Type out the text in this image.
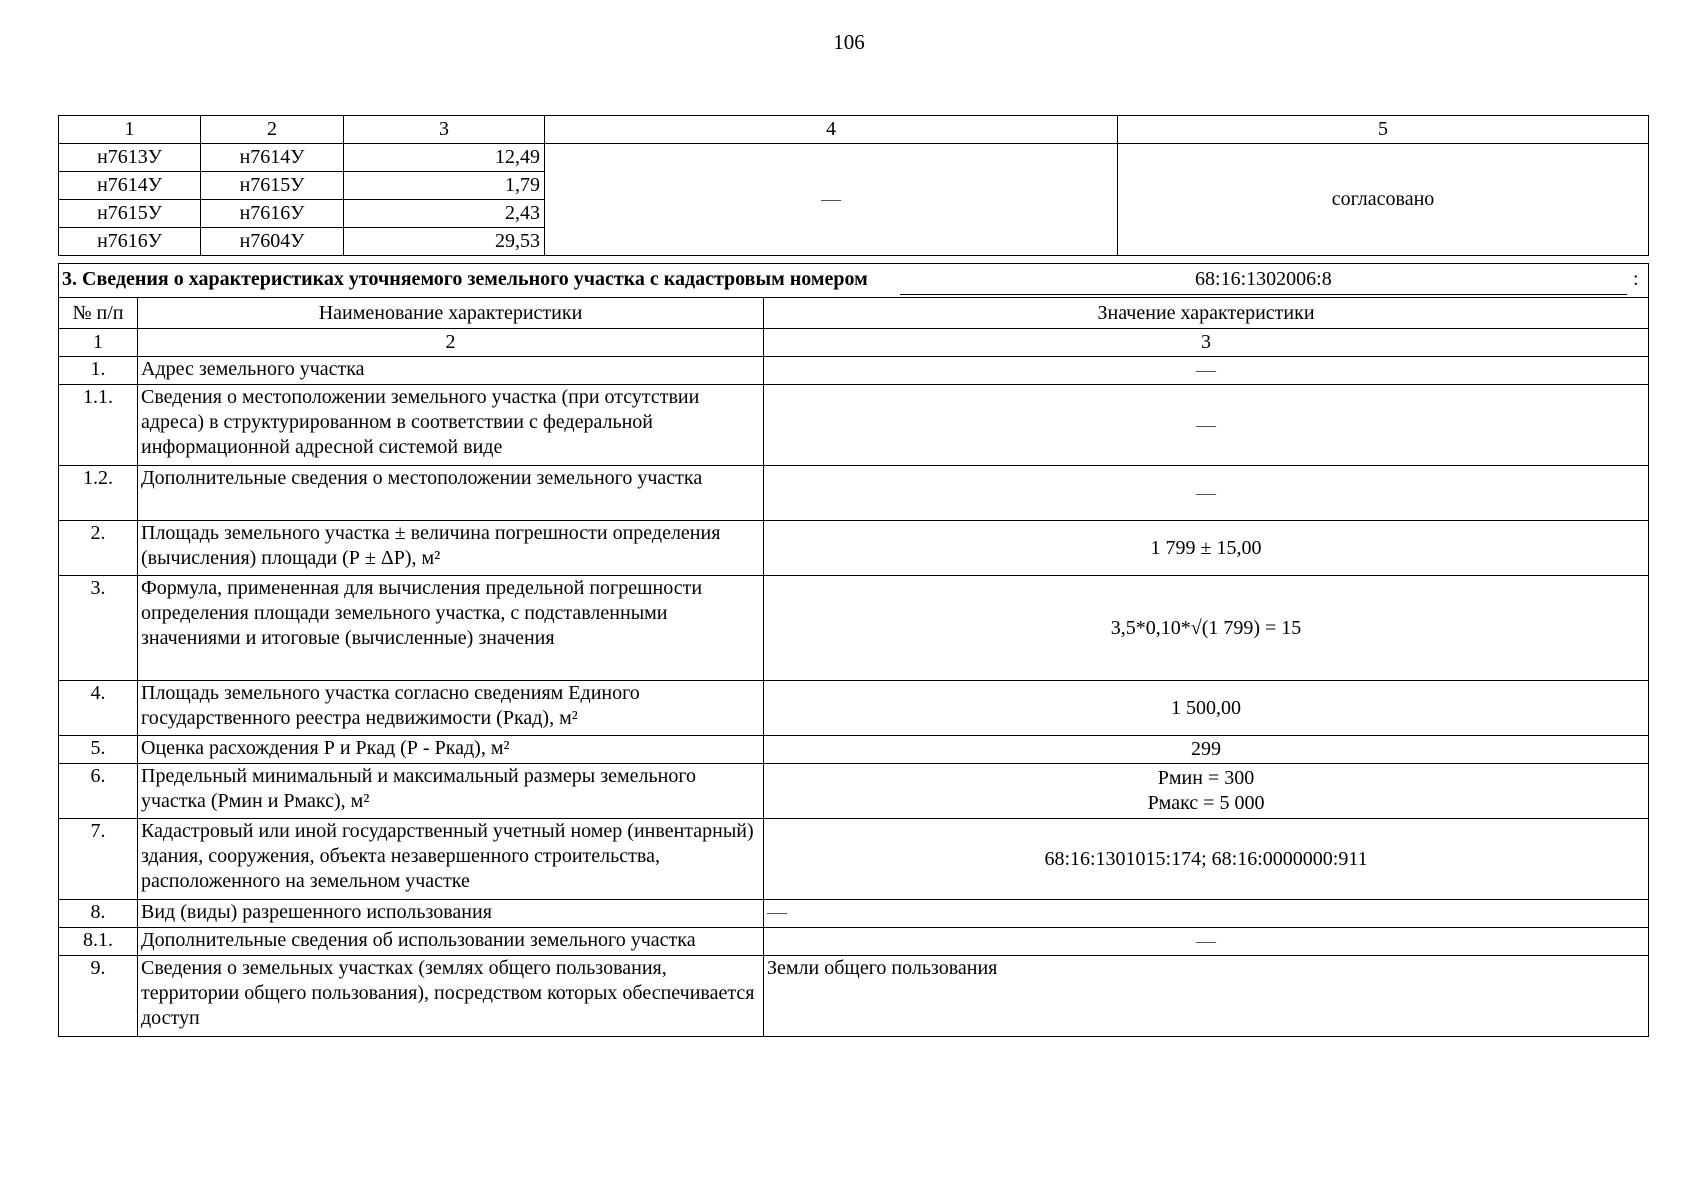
106
1	2	3	4	5
н7613У	н7614У	12,49	—	согласовано
н7614У	н7615У	1,79		
н7615У	н7616У	2,43		
н7616У	н7604У	29,53		
3. Сведения о характеристиках уточняемого земельного участка с кадастровым номером 68:16:1302006:8 :		

№ п/п	Наименование характеристики	Значение характеристики
1	2	3
1.	Адрес земельного участка	—
1.1.	Сведения о местоположении земельного участка (при отсутствии адреса) в структурированном в соответствии с федеральной информационной адресной системой виде	—
1.2.	Дополнительные сведения о местоположении земельного участка	—
2.	Площадь земельного участка ± величина погрешности определения (вычисления) площади (Р ± ΔР), м²	1 799 ± 15,00
3.	Формула, примененная для вычисления предельной погрешности определения площади земельного участка, с подставленными значениями и итоговые (вычисленные) значения	3,5*0,10*√(1 799) = 15
4.	Площадь земельного участка согласно сведениям Единого государственного реестра недвижимости (Ркад), м²	1 500,00
5.	Оценка расхождения Р и Ркад (Р - Ркад), м²	299
6.	Предельный минимальный и максимальный размеры земельного участка (Рмин и Рмакс), м²	Рмин = 300
Рмакс = 5 000

7.	Кадастровый или иной государственный учетный номер (инвентарный) здания, сооружения, объекта незавершенного строительства, расположенного на земельном участке	68:16:1301015:174; 68:16:0000000:911
8.	Вид (виды) разрешенного использования	—
8.1.	Дополнительные сведения об использовании земельного участка	—
9.	Сведения о земельных участках (землях общего пользования, территории общего пользования), посредством которых обеспечивается доступ	Земли общего пользования
